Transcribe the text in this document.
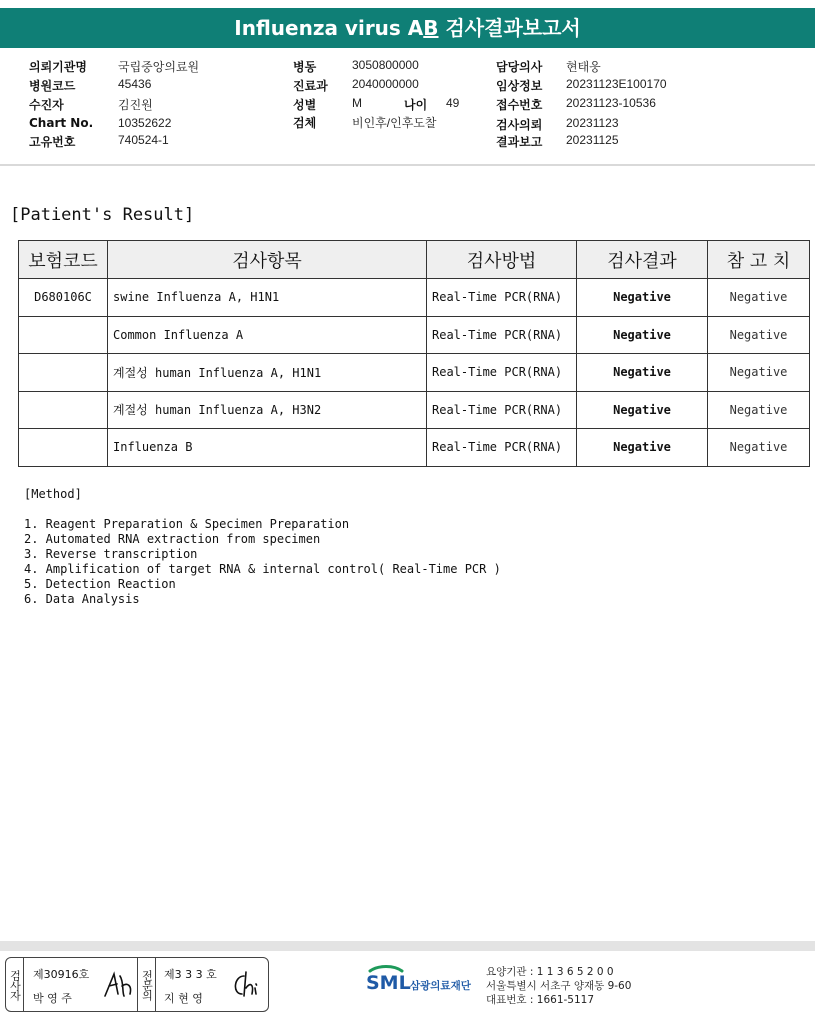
Influenza virus AB 검사결과보고서
의뢰기관명	국립중앙의료원
병원코드	45436
수진자	김진원
Chart No. 10352622
고유번호	740524-1
병동	3050800000
진료과 2040000000
성별	M	나이 49
검체	비인후/인후도찰
담당의사 현태웅
임상정보 20231123E100170
접수번호 20231123-10536
검사의뢰 20231123
결과보고 20231125
[Patient's Result]
보험코드	검사항목	검사방법	검사결과	참 고 치
D680106C	swine Influenza A, H1N1	Real-Time PCR(RNA)	Negative	Negative
	Common Influenza A	Real-Time PCR(RNA)	Negative	Negative
	계절성 human Influenza A, H1N1	Real-Time PCR(RNA)	Negative	Negative
	계절성 human Influenza A, H3N2	Real-Time PCR(RNA)	Negative	Negative
	Influenza B	Real-Time PCR(RNA)	Negative	Negative
[Method]
1. Reagent Preparation & Specimen Preparation
2. Automated RNA extraction from specimen
3. Reverse transcription
4. Amplification of target RNA & internal control( Real-Time PCR )
5. Detection Reaction
6. Data Analysis
검사자 제30916호
박 영 주	전문의 제3 3 3 호
지 현 영
SML 삼광의료재단
요양기관 : 1 1 3 6 5 2 0 0
서울특별시 서초구 양재동 9-60
대표번호 : 1661-5117
